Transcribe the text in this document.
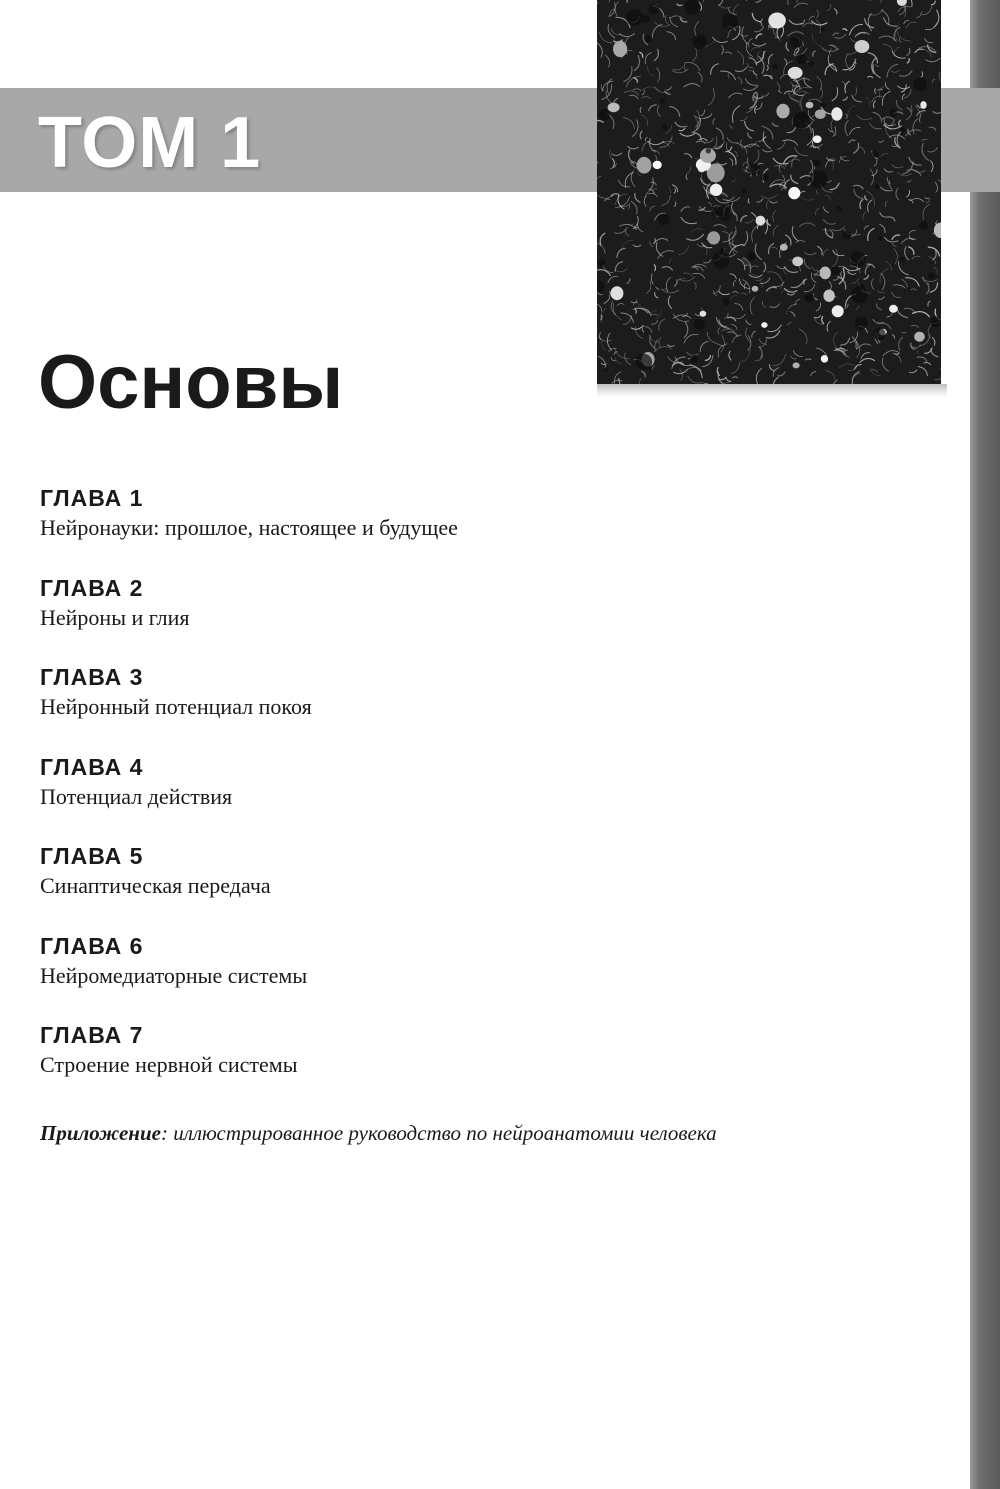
ТОМ 1
Основы
ГЛАВА 1
Нейронауки: прошлое, настоящее и будущее
ГЛАВА 2
Нейроны и глия
ГЛАВА 3
Нейронный потенциал покоя
ГЛАВА 4
Потенциал действия
ГЛАВА 5
Синаптическая передача
ГЛАВА 6
Нейромедиаторные системы
ГЛАВА 7
Строение нервной системы
Приложение: иллюстрированное руководство по нейроанатомии человека
